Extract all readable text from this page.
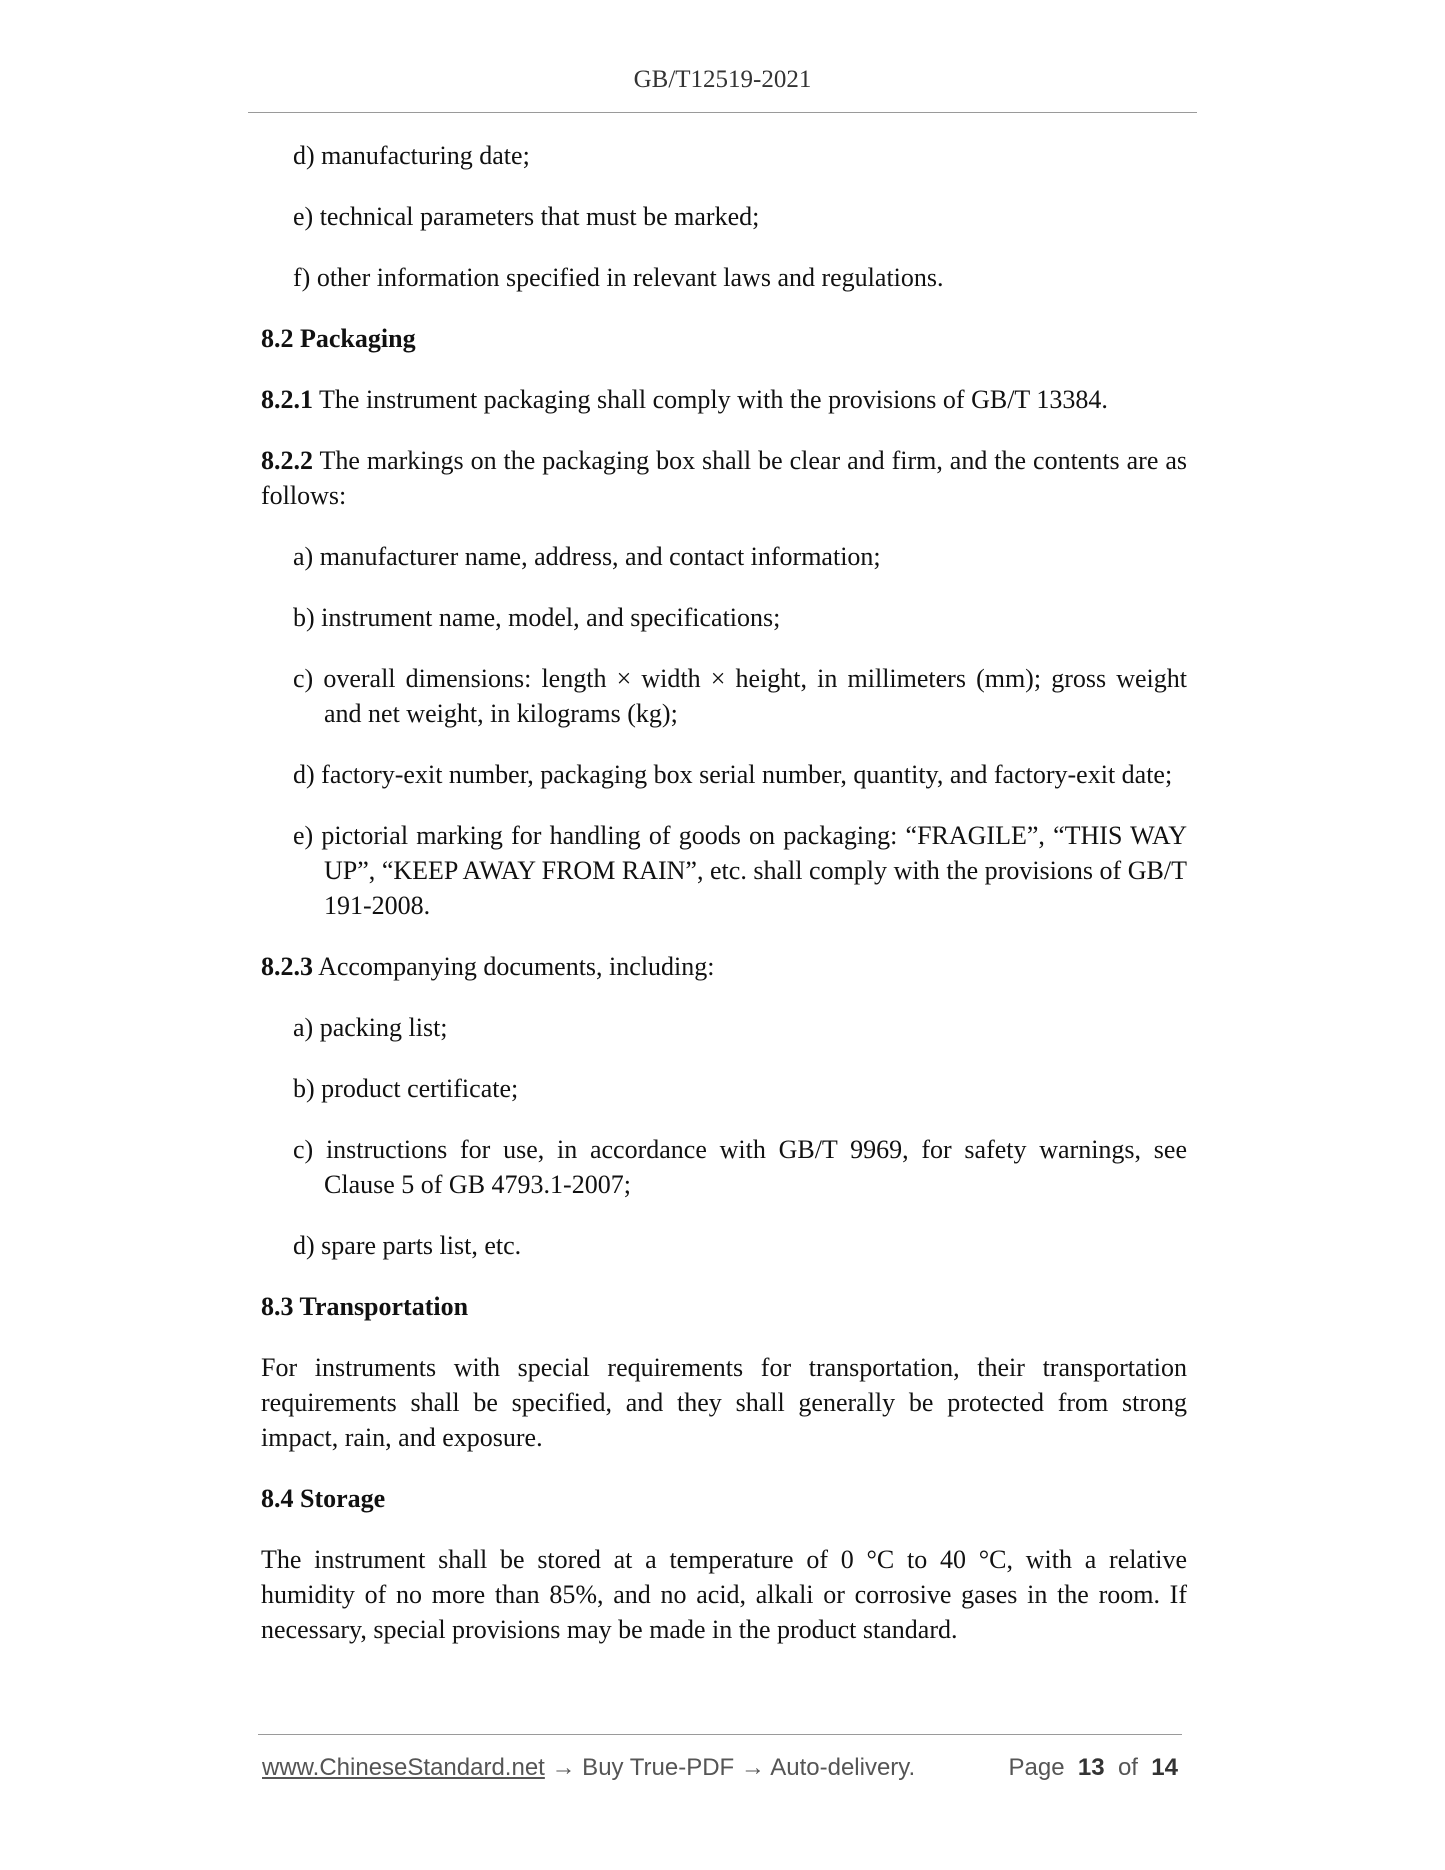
GB/T12519-2021

d) manufacturing date;

e) technical parameters that must be marked;

f) other information specified in relevant laws and regulations.

8.2 Packaging

8.2.1 The instrument packaging shall comply with the provisions of GB/T 13384.

8.2.2 The markings on the packaging box shall be clear and firm, and the contents are as follows:

a) manufacturer name, address, and contact information;

b) instrument name, model, and specifications;

c) overall dimensions: length × width × height, in millimeters (mm); gross weight and net weight, in kilograms (kg);

d) factory-exit number, packaging box serial number, quantity, and factory-exit date;

e) pictorial marking for handling of goods on packaging: “FRAGILE”, “THIS WAY UP”, “KEEP AWAY FROM RAIN”, etc. shall comply with the provisions of GB/T 191-2008.

8.2.3 Accompanying documents, including:

a) packing list;

b) product certificate;

c) instructions for use, in accordance with GB/T 9969, for safety warnings, see Clause 5 of GB 4793.1-2007;

d) spare parts list, etc.

8.3 Transportation

For instruments with special requirements for transportation, their transportation requirements shall be specified, and they shall generally be protected from strong impact, rain, and exposure.

8.4 Storage

The instrument shall be stored at a temperature of 0 °C to 40 °C, with a relative humidity of no more than 85%, and no acid, alkali or corrosive gases in the room. If necessary, special provisions may be made in the product standard.

www.ChineseStandard.net → Buy True-PDF → Auto-delivery.	Page 13 of 14
